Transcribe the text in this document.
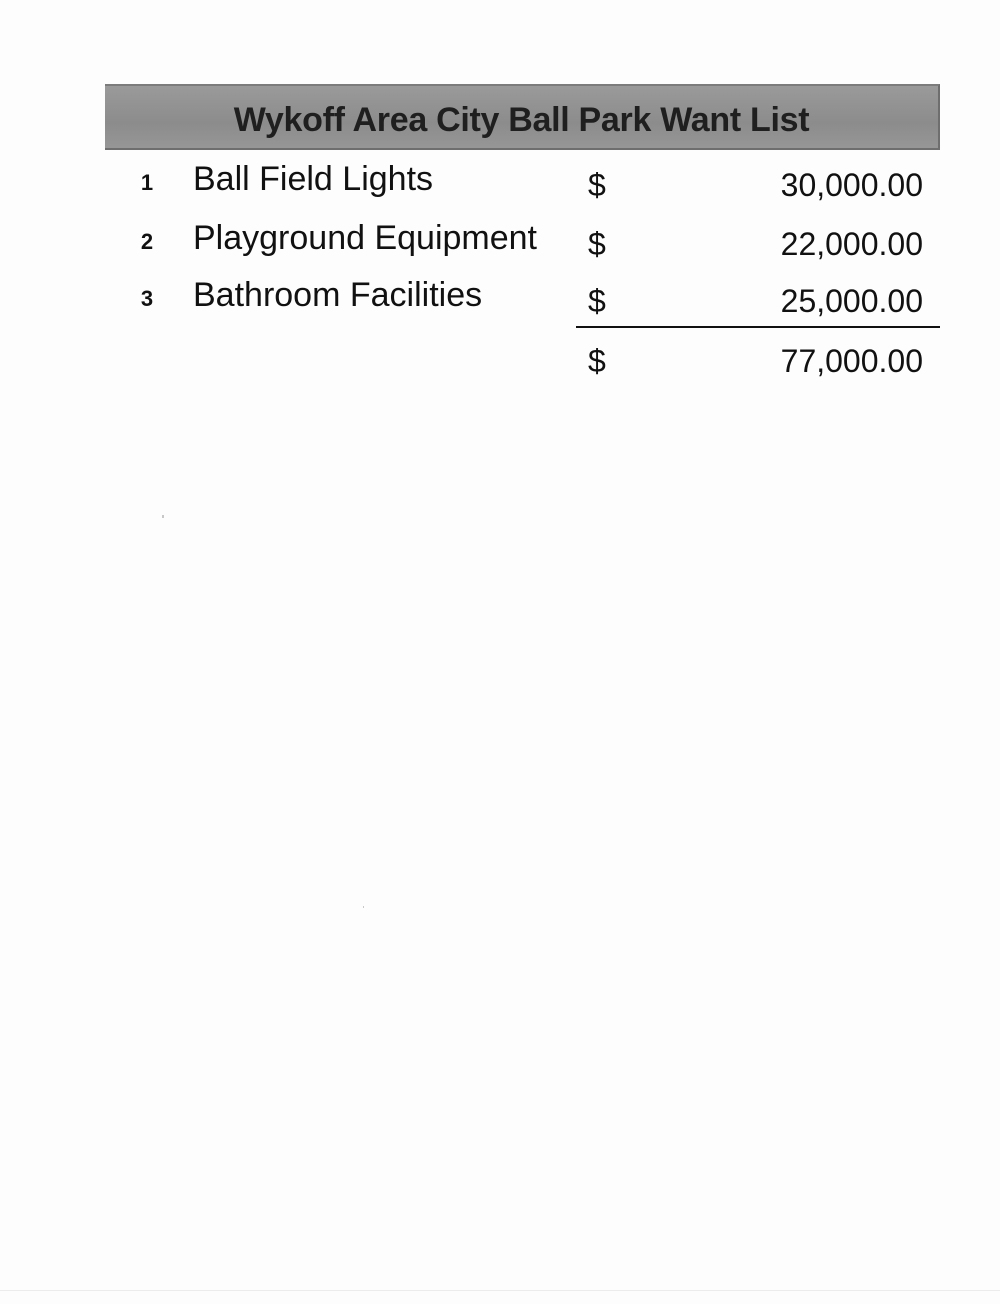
Wykoff Area City Ball Park Want List
1 Ball Field Lights	$	30,000.00
2 Playground Equipment $	22,000.00
3 Bathroom Facilities	$	25,000.00
$	77,000.00
